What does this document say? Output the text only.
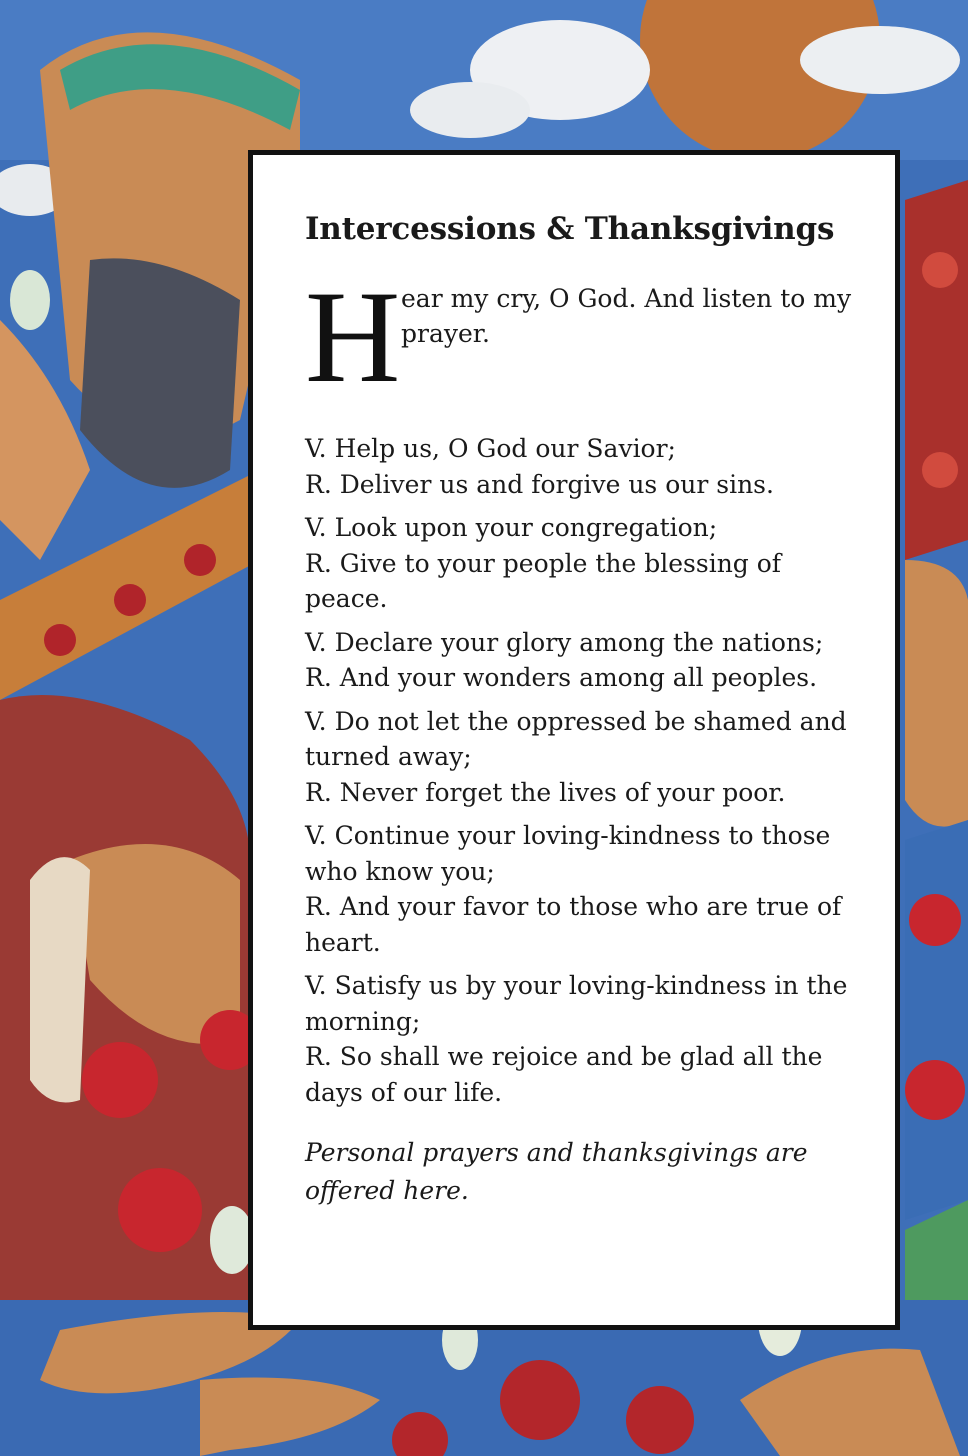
Intercessions & Thanksgivings
H ear my cry, O God. And listen to my prayer.
V. Help us, O God our Savior;
R. Deliver us and forgive us our sins.
V. Look upon your congregation;
R. Give to your people the blessing of peace.
V. Declare your glory among the nations;
R. And your wonders among all peoples.
V. Do not let the oppressed be shamed and turned away;
R. Never forget the lives of your poor.
V. Continue your loving-kindness to those who know you;
R. And your favor to those who are true of heart.
V. Satisfy us by your loving-kindness in the morning;
R. So shall we rejoice and be glad all the days of our life.
Personal prayers and thanksgivings are offered here.
